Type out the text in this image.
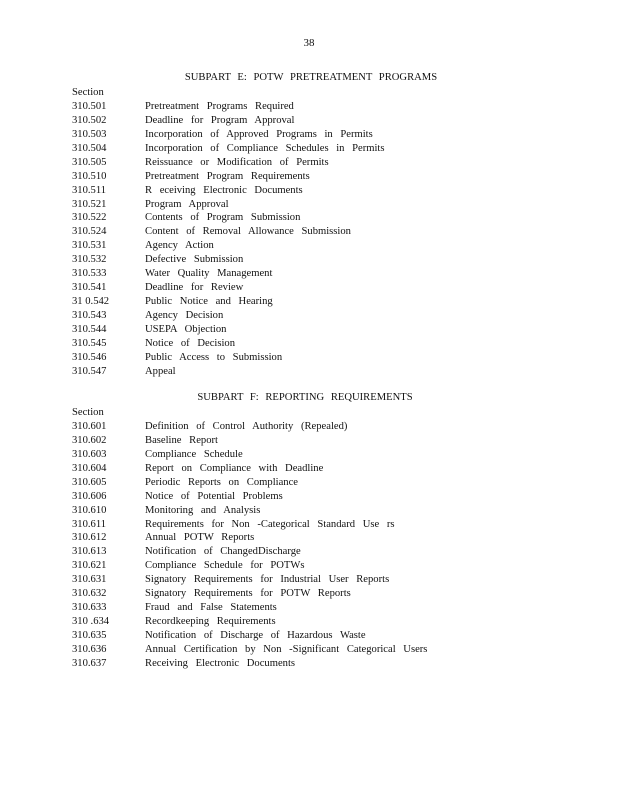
38
SUBPART E: POTW PRETREATMENT PROGRAMS
Section
310.501	Pretreatment Programs Required
310.502	Deadline for Program Approval
310.503	Incorporation of Approved Programs in Permits
310.504	Incorporation of Compliance Schedules in Permits
310.505	Reissuance or Modification of Permits
310.510	Pretreatment Program Requirements
310.511	R eceiving Electronic Documents
310.521	Program Approval
310.522	Contents of Program Submission
310.524	Content of Removal Allowance Submission
310.531	Agency Action
310.532	Defective Submission
310.533	Water Quality Management
310.541	Deadline for Review
31 0.542	Public Notice and Hearing
310.543	Agency Decision
310.544	USEPA Objection
310.545	Notice of Decision
310.546	Public Access to Submission
310.547	Appeal
SUBPART F: REPORTING REQUIREMENTS
Section
310.601	Definition of Control Authority (Repealed)
310.602	Baseline Report
310.603	Compliance Schedule
310.604	Report on Compliance with Deadline
310.605	Periodic Reports on Compliance
310.606	Notice of Potential Problems
310.610	Monitoring and Analysis
310.611	Requirements for Non -Categorical Standard Use rs
310.612	Annual POTW Reports
310.613	Notification of ChangedDischarge
310.621	Compliance Schedule for POTWs
310.631	Signatory Requirements for Industrial User Reports
310.632	Signatory Requirements for POTW Reports
310.633	Fraud and False Statements
310 .634	Recordkeeping Requirements
310.635	Notification of Discharge of Hazardous Waste
310.636	Annual Certification by Non -Significant Categorical Users
310.637	Receiving Electronic Documents
